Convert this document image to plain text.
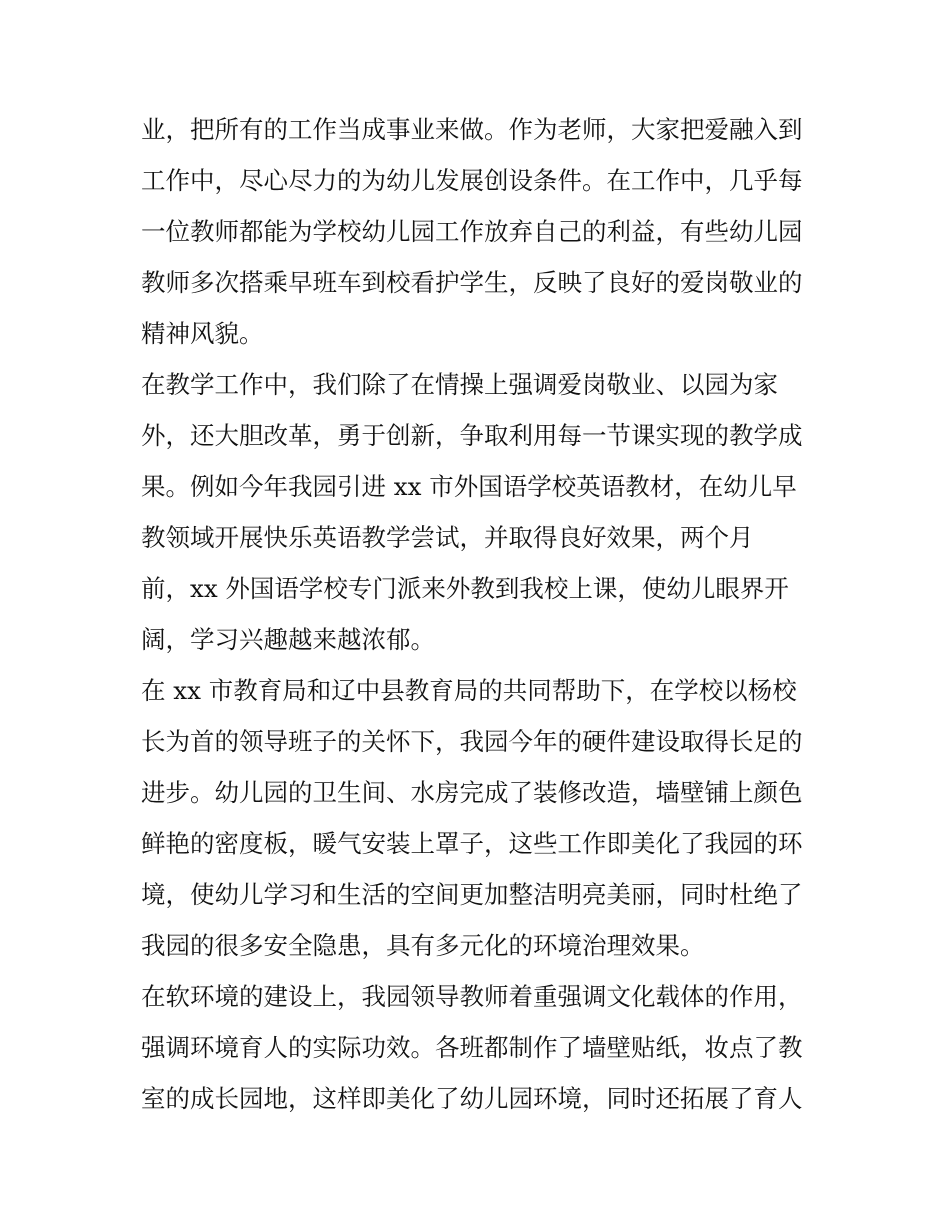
业，把所有的工作当成事业来做。作为老师，大家把爱融入到
工作中，尽心尽力的为幼儿发展创设条件。在工作中，几乎每
一位教师都能为学校幼儿园工作放弃自己的利益，有些幼儿园
教师多次搭乘早班车到校看护学生，反映了良好的爱岗敬业的
精神风貌。
在教学工作中，我们除了在情操上强调爱岗敬业、以园为家
外，还大胆改革，勇于创新，争取利用每一节课实现的教学成
果。例如今年我园引进 xx 市外国语学校英语教材，在幼儿早
教领域开展快乐英语教学尝试，并取得良好效果，两个月
前，xx 外国语学校专门派来外教到我校上课，使幼儿眼界开
阔，学习兴趣越来越浓郁。
在 xx 市教育局和辽中县教育局的共同帮助下，在学校以杨校
长为首的领导班子的关怀下，我园今年的硬件建设取得长足的
进步。幼儿园的卫生间、水房完成了装修改造，墙壁铺上颜色
鲜艳的密度板，暖气安装上罩子，这些工作即美化了我园的环
境，使幼儿学习和生活的空间更加整洁明亮美丽，同时杜绝了
我园的很多安全隐患，具有多元化的环境治理效果。
在软环境的建设上，我园领导教师着重强调文化载体的作用，
强调环境育人的实际功效。各班都制作了墙壁贴纸，妆点了教
室的成长园地，这样即美化了幼儿园环境，同时还拓展了育人
